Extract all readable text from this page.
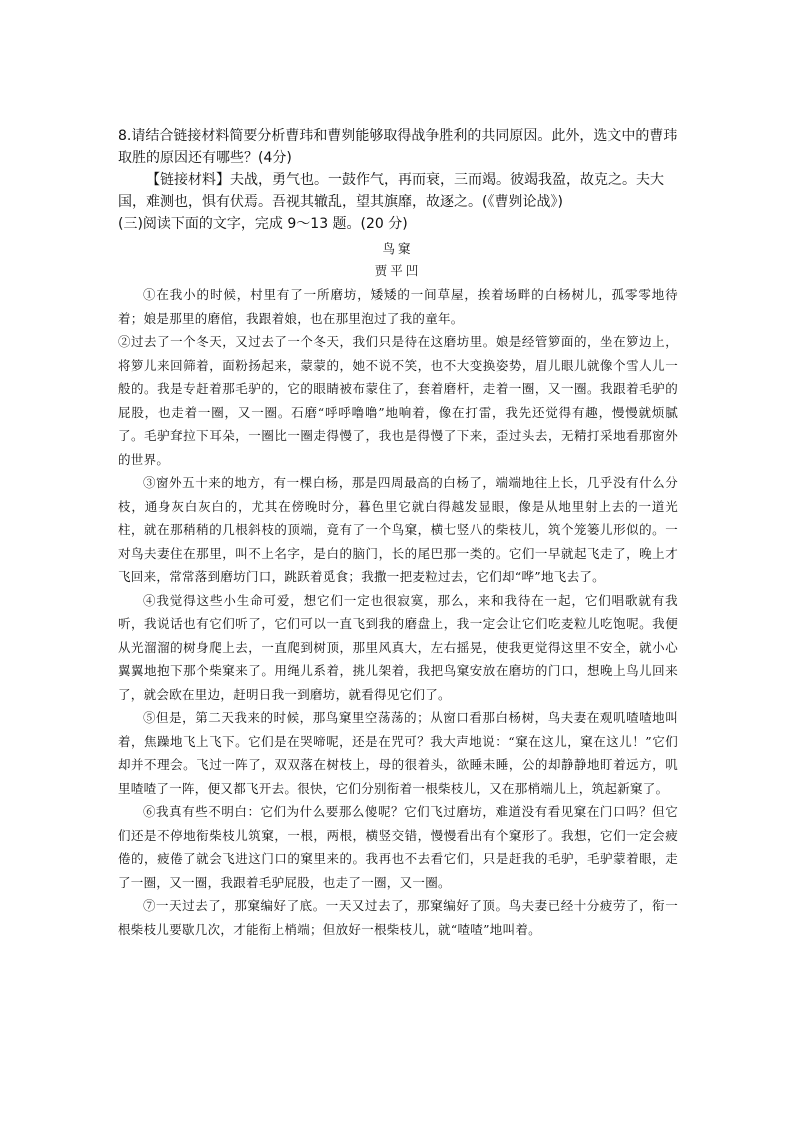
8.请结合链接材料简要分析曹玮和曹刿能够取得战争胜利的共同原因。此外，选文中的曹玮取胜的原因还有哪些？(4分)

【链接材料】夫战，勇气也。一鼓作气，再而衰，三而竭。彼竭我盈，故克之。夫大国，难测也，惧有伏焉。吾视其辙乱，望其旗靡，故逐之。(《曹刿论战》)

(三)阅读下面的文字，完成 9～13 题。(20 分)

鸟窠

贾平凹

①在我小的时候，村里有了一所磨坊，矮矮的一间草屋，挨着场畔的白杨树儿，孤零零地待着；娘是那里的磨倌，我跟着娘，也在那里泡过了我的童年。

②过去了一个冬天，又过去了一个冬天，我们只是待在这磨坊里。娘是经管箩面的，坐在箩边上，将箩儿来回筛着，面粉扬起来，蒙蒙的，她不说不笑，也不大变换姿势，眉儿眼儿就像个雪人儿一般的。我是专赶着那毛驴的，它的眼睛被布蒙住了，套着磨杆，走着一圈，又一圈。我跟着毛驴的屁股，也走着一圈，又一圈。石磨“呼呼噜噜”地响着，像在打雷，我先还觉得有趣，慢慢就烦腻了。毛驴耷拉下耳朵，一圈比一圈走得慢了，我也是得慢了下来，歪过头去，无精打采地看那窗外的世界。

③窗外五十来的地方，有一棵白杨，那是四周最高的白杨了，端端地往上长，几乎没有什么分枝，通身灰白灰白的，尤其在傍晚时分，暮色里它就白得越发显眼，像是从地里射上去的一道光柱，就在那稍稍的几根斜枝的顶端，竟有了一个鸟窠，横七竖八的柴枝儿，筑个笼篓儿形似的。一对鸟夫妻住在那里，叫不上名字，是白的脑门，长的尾巴那一类的。它们一早就起飞走了，晚上才飞回来，常常落到磨坊门口，跳跃着觅食；我撒一把麦粒过去，它们却“哗”地飞去了。

④我觉得这些小生命可爱，想它们一定也很寂寞，那么，来和我待在一起，它们唱歌就有我听，我说话也有它们听了，它们可以一直飞到我的磨盘上，我一定会让它们吃麦粒儿吃饱呢。我便从光溜溜的树身爬上去，一直爬到树顶，那里风真大，左右摇晃，使我更觉得这里不安全，就小心翼翼地抱下那个柴窠来了。用绳儿系着，挑儿架着，我把鸟窠安放在磨坊的门口，想晚上鸟儿回来了，就会欧在里边，赶明日我一到磨坊，就看得见它们了。

⑤但是，第二天我来的时候，那鸟窠里空荡荡的；从窗口看那白杨树，鸟夫妻在观叽喳喳地叫着，焦躁地飞上飞下。它们是在哭啼呢，还是在咒可？我大声地说：“窠在这儿，窠在这儿！”它们却并不理会。飞过一阵了，双双落在树枝上，母的很着头，欲睡未睡，公的却静静地盯着远方，叽里喳喳了一阵，便又都飞开去。很快，它们分别衔着一根柴枝儿，又在那梢端儿上，筑起新窠了。

⑥我真有些不明白：它们为什么要那么傻呢？它们飞过磨坊，难道没有看见窠在门口吗？但它们还是不停地衔柴枝儿筑窠，一根，两根，横竖交错，慢慢看出有个窠形了。我想，它们一定会疲倦的，疲倦了就会飞进这门口的窠里来的。我再也不去看它们，只是赶我的毛驴，毛驴蒙着眼，走了一圈，又一圈，我跟着毛驴屁股，也走了一圈，又一圈。

⑦一天过去了，那窠编好了底。一天又过去了，那窠编好了顶。鸟夫妻已经十分疲劳了，衔一根柴枝儿要歇几次，才能衔上梢端；但放好一根柴枝儿，就“喳喳”地叫着。
